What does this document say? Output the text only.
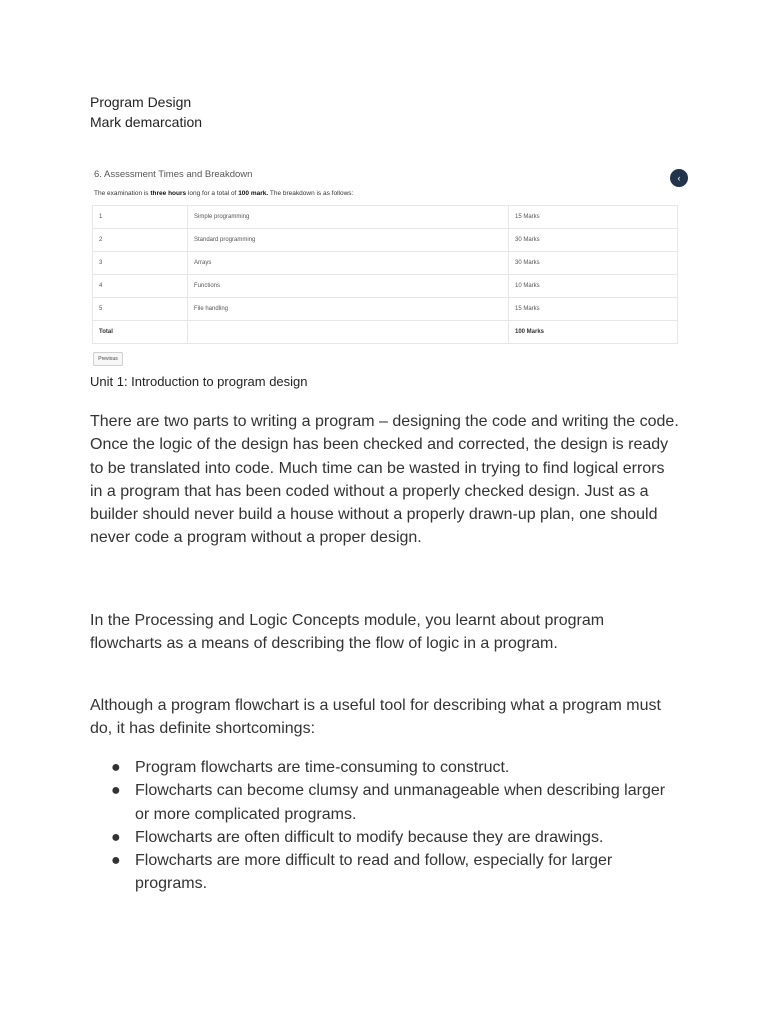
Program Design
Mark demarcation
6. Assessment Times and Breakdown
The examination is three hours long for a total of 100 mark. The breakdown is as follows:
‹
1	Simple programming	15 Marks
2	Standard programming	30 Marks
3	Arrays	30 Marks
4	Functions	10 Marks
5	File handling	15 Marks
Total		100 Marks
Previous
Unit 1: Introduction to program design

There are two parts to writing a program – designing the code and writing the code. Once the logic of the design has been checked and corrected, the design is ready to be translated into code. Much time can be wasted in trying to find logical errors in a program that has been coded without a properly checked design. Just as a builder should never build a house without a properly drawn-up plan, one should never code a program without a proper design.

In the Processing and Logic Concepts module, you learnt about program flowcharts as a means of describing the flow of logic in a program.

Although a program flowchart is a useful tool for describing what a program must do, it has definite shortcomings:

● Program flowcharts are time-consuming to construct.
● Flowcharts can become clumsy and unmanageable when describing larger or more complicated programs.
● Flowcharts are often difficult to modify because they are drawings.
● Flowcharts are more difficult to read and follow, especially for larger programs.
